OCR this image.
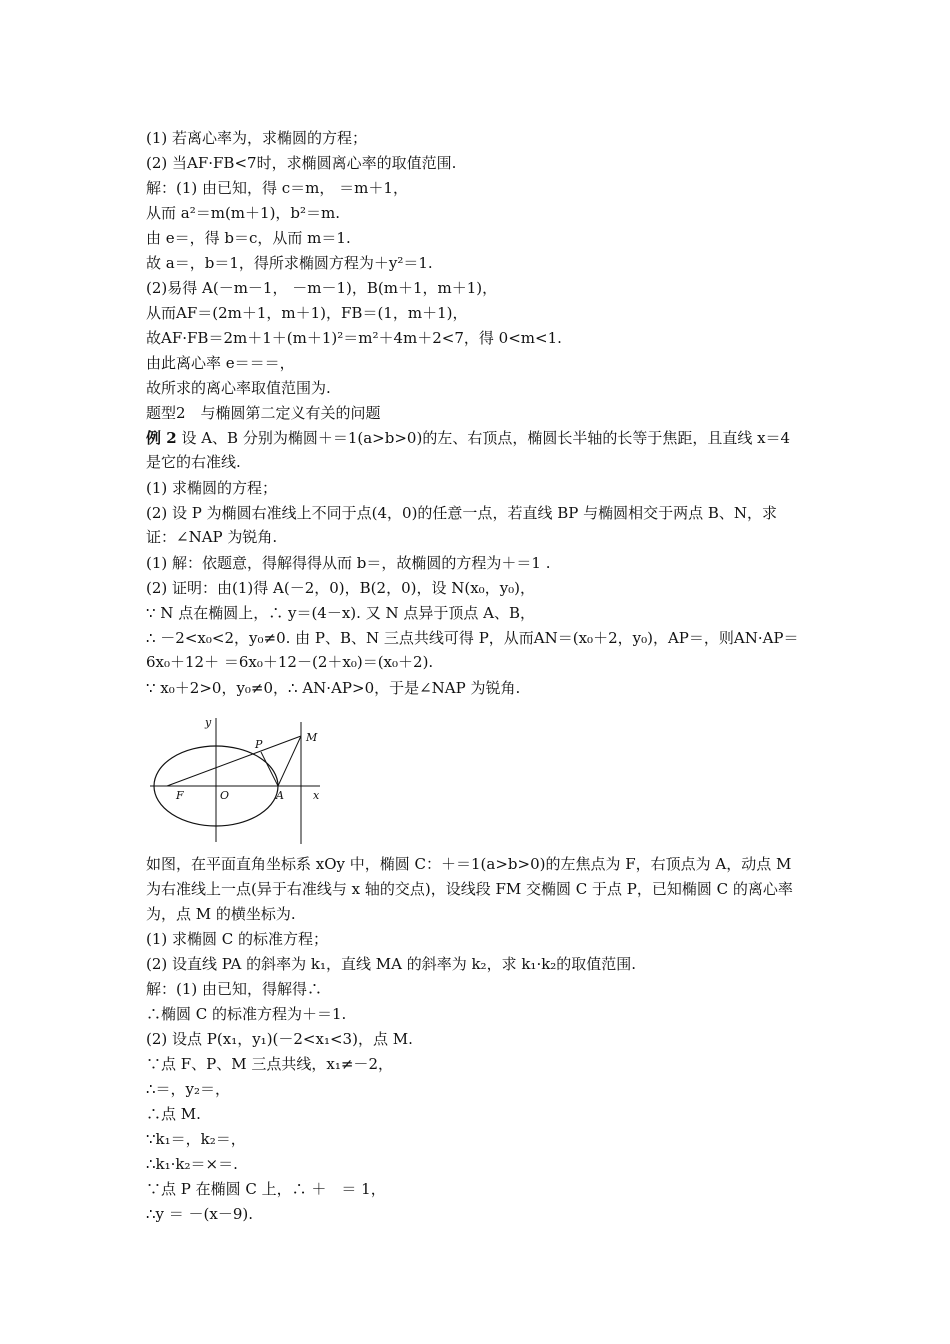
(1) 若离心率为，求椭圆的方程；
(2) 当AF·FB<7时，求椭圆离心率的取值范围.
解：(1) 由已知，得 c＝m， ＝m＋1，
从而 a²＝m(m＋1)，b²＝m.
由 e＝，得 b＝c，从而 m＝1.
故 a＝，b＝1，得所求椭圆方程为＋y²＝1.
(2)易得 A(－m－1， －m－1)，B(m＋1，m＋1)，
从而AF＝(2m＋1，m＋1)，FB＝(1，m＋1)，
故AF·FB＝2m＋1＋(m＋1)²＝m²＋4m＋2<7，得 0<m<1.
由此离心率 e＝＝＝，
故所求的离心率取值范围为.
题型2　与椭圆第二定义有关的问题
例 2 设 A、B 分别为椭圆＋＝1(a>b>0)的左、右顶点，椭圆长半轴的长等于焦距，且直线 x＝4 是它的右准线.
(1) 求椭圆的方程；
(2) 设 P 为椭圆右准线上不同于点(4，0)的任意一点，若直线 BP 与椭圆相交于两点 B、N，求证：∠NAP 为锐角.
(1) 解：依题意，得解得得从而 b＝，故椭圆的方程为＋＝1 .
(2) 证明：由(1)得 A(－2，0)，B(2，0)，设 N(x₀，y₀)，
∵ N 点在椭圆上，∴ y＝(4－x). 又 N 点异于顶点 A、B，
∴ －2<x₀<2，y₀≠0. 由 P、B、N 三点共线可得 P，从而AN＝(x₀＋2，y₀)，AP＝，则AN·AP＝6x₀＋12＋ ＝6x₀＋12－(2＋x₀)＝(x₀＋2).
∵ x₀＋2>0，y₀≠0，∴ AN·AP>0，于是∠NAP 为锐角.
y
x
O
F	A
P
M
如图，在平面直角坐标系 xOy 中，椭圆 C：＋＝1(a>b>0)的左焦点为 F，右顶点为 A，动点 M 为右准线上一点(异于右准线与 x 轴的交点)，设线段 FM 交椭圆 C 于点 P，已知椭圆 C 的离心率为，点 M 的横坐标为.
(1) 求椭圆 C 的标准方程；
(2) 设直线 PA 的斜率为 k₁，直线 MA 的斜率为 k₂，求 k₁·k₂的取值范围.
解：(1) 由已知，得解得∴
∴椭圆 C 的标准方程为＋＝1.
(2) 设点 P(x₁，y₁)(－2<x₁<3)，点 M.
∵点 F、P、M 三点共线，x₁≠－2，
∴＝，y₂＝，
∴点 M.
∵k₁＝，k₂＝，
∴k₁·k₂＝×＝.
∵点 P 在椭圆 C 上，∴ ＋　＝ 1，
∴y ＝ －(x－9).
